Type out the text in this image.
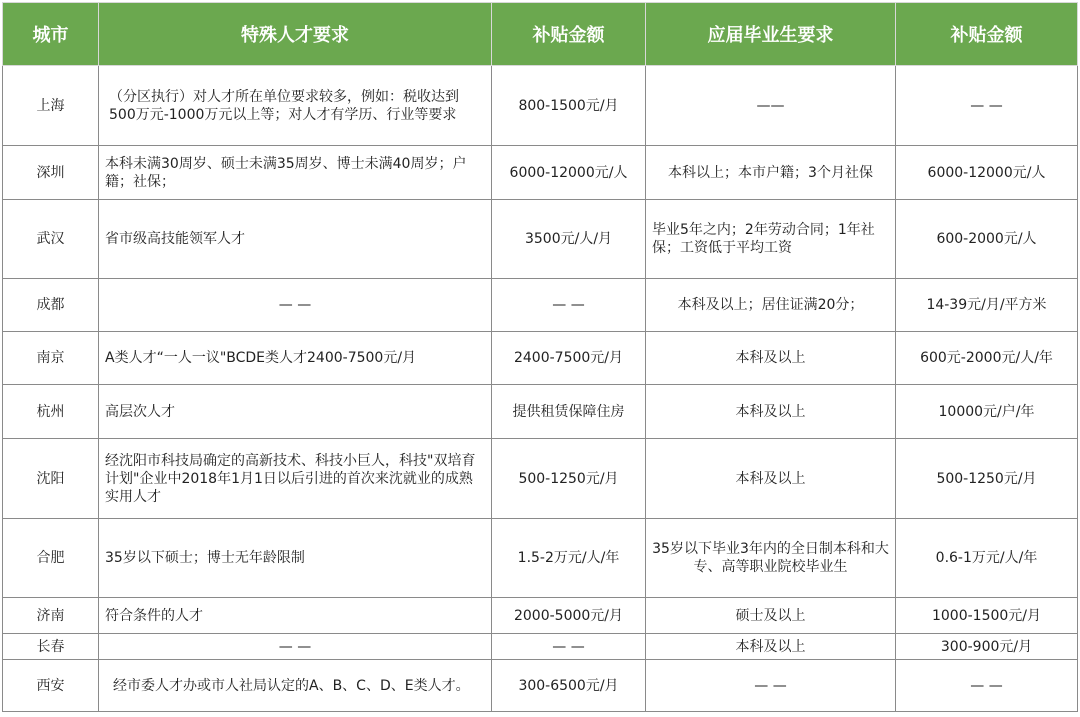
城市	特殊人才要求	补贴金额	应届毕业生要求	补贴金额
上海	（分区执行）对人才所在单位要求较多，例如：税收达到500万元-1000万元以上等；对人才有学历、行业等要求	800-1500元/月	——	— —
深圳	本科未满30周岁、硕士未满35周岁、博士未满40周岁；户籍；社保；	6000-12000元/人	本科以上；本市户籍；3个月社保	6000-12000元/人
武汉	省市级高技能领军人才	3500元/人/月	毕业5年之内；2年劳动合同；1年社保；工资低于平均工资	600-2000元/人
成都	— —	— —	本科及以上；居住证满20分；	14-39元/月/平方米
南京	A类人才“一人一议"BCDE类人才2400-7500元/月	2400-7500元/月	本科及以上	600元-2000元/人/年
杭州	高层次人才	提供租赁保障住房	本科及以上	10000元/户/年
沈阳	经沈阳市科技局确定的高新技术、科技小巨人，科技"双培育计划"企业中2018年1月1日以后引进的首次来沈就业的成熟实用人才	500-1250元/月	本科及以上	500-1250元/月
合肥	35岁以下硕士；博士无年龄限制	1.5-2万元/人/年	35岁以下毕业3年内的全日制本科和大专、高等职业院校毕业生	0.6-1万元/人/年
济南	符合条件的人才	2000-5000元/月	硕士及以上	1000-1500元/月
长春	— —	— —	本科及以上	300-900元/月
西安	经市委人才办或市人社局认定的A、B、C、D、E类人才。	300-6500元/月	— —	— —
